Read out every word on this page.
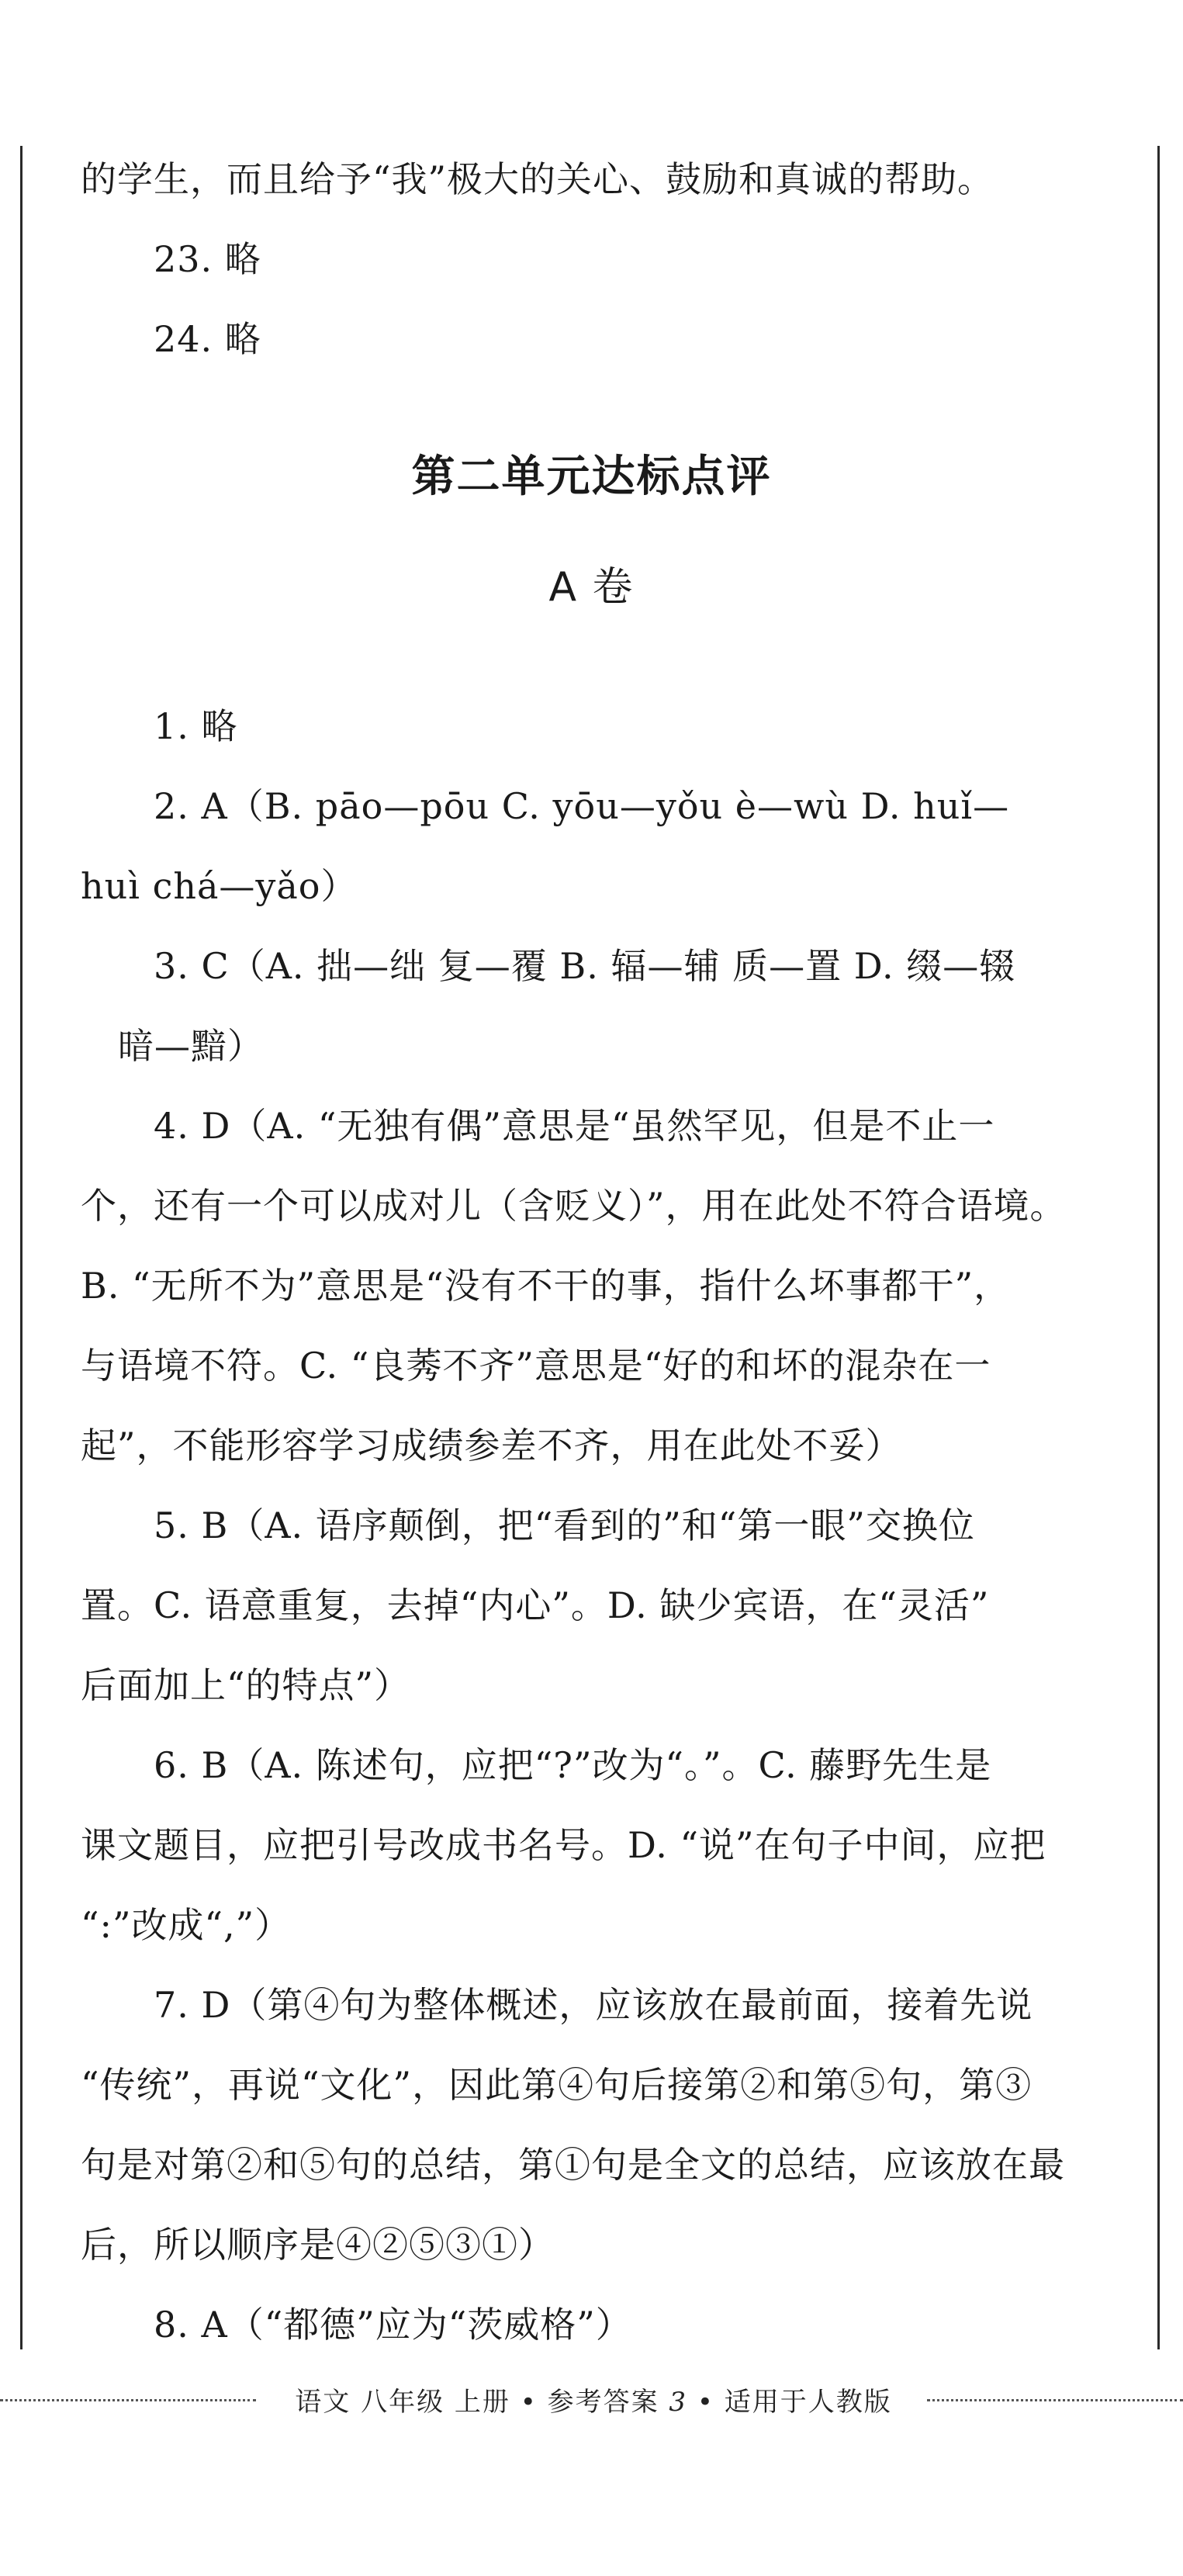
的学生，而且给予“我”极大的关心、鼓励和真诚的帮助。
23. 略
24. 略
第二单元达标点评
A 卷
1. 略
2. A（B. pāo—pōu C. yōu—yǒu è—wù D. huǐ—
huì chá—yǎo）
3. C（A. 拙—绌 复—覆 B. 辐—辅 质—置 D. 缀—辍
暗—黯）
4. D（A. “无独有偶”意思是“虽然罕见，但是不止一
个，还有一个可以成对儿（含贬义）”，用在此处不符合语境。
B. “无所不为”意思是“没有不干的事，指什么坏事都干”，
与语境不符。C. “良莠不齐”意思是“好的和坏的混杂在一
起”，不能形容学习成绩参差不齐，用在此处不妥）
5. B（A. 语序颠倒，把“看到的”和“第一眼”交换位
置。C. 语意重复，去掉“内心”。D. 缺少宾语，在“灵活”
后面加上“的特点”）
6. B（A. 陈述句，应把“?”改为“。”。C. 藤野先生是
课文题目，应把引号改成书名号。D. “说”在句子中间，应把
“:”改成“,”）
7. D（第④句为整体概述，应该放在最前面，接着先说
“传统”，再说“文化”，因此第④句后接第②和第⑤句，第③
句是对第②和⑤句的总结，第①句是全文的总结，应该放在最
后，所以顺序是④②⑤③①）
8. A（“都德”应为“茨威格”）
语文 八年级 上册 • 参考答案 3 • 适用于人教版
